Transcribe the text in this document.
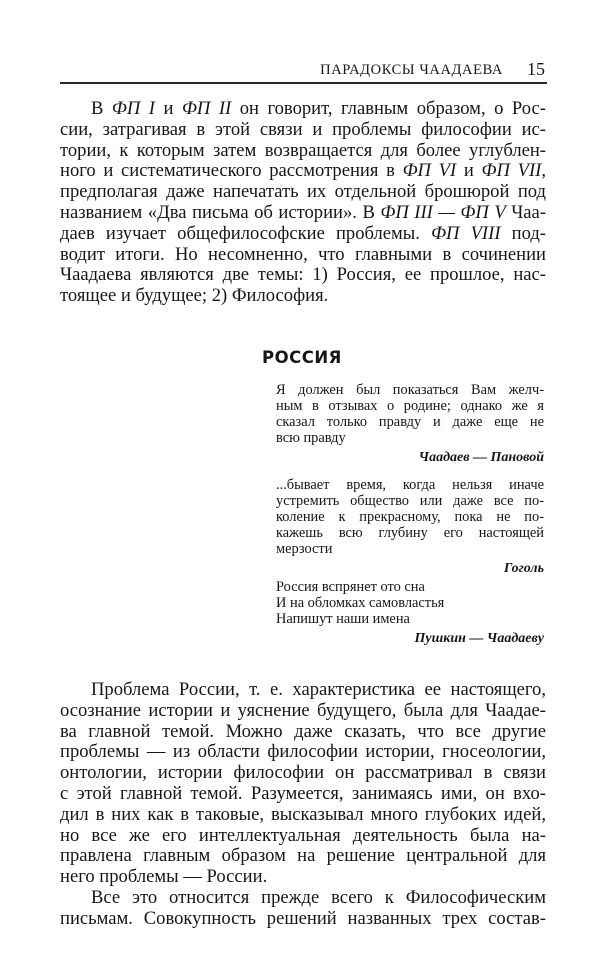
ПАРАДОКСЫ ЧААДАЕВА 15
В ФП I и ФП II он говорит, главным образом, о Рос-
сии, затрагивая в этой связи и проблемы философии ис-
тории, к которым затем возвращается для более углублен-
ного и систематического рассмотрения в ФП VI и ФП VII,
предполагая даже напечатать их отдельной брошюрой под
названием «Два письма об истории». В ФП III — ФП V Чаа-
даев изучает общефилософские проблемы. ФП VIII под-
водит итоги. Но несомненно, что главными в сочинении
Чаадаева являются две темы: 1) Россия, ее прошлое, нас-
тоящее и будущее; 2) Философия.
РОССИЯ
Я должен был показаться Вам желч-
ным в отзывах о родине; однако же я
сказал только правду и даже еще не
всю правду
Чаадаев — Пановой
...бывает время, когда нельзя иначе
устремить общество или даже все по-
коление к прекрасному, пока не по-
кажешь всю глубину его настоящей
мерзости
Гоголь
Россия вспрянет ото сна
И на обломках самовластья
Напишут наши имена
Пушкин — Чаадаеву
Проблема России, т. е. характеристика ее настоящего,
осознание истории и уяснение будущего, была для Чаадае-
ва главной темой. Можно даже сказать, что все другие
проблемы — из области философии истории, гносеологии,
онтологии, истории философии он рассматривал в связи
с этой главной темой. Разумеется, занимаясь ими, он вхо-
дил в них как в таковые, высказывал много глубоких идей,
но все же его интеллектуальная деятельность была на-
правлена главным образом на решение центральной для
него проблемы — России.
Все это относится прежде всего к Философическим
письмам. Совокупность решений названных трех состав-
